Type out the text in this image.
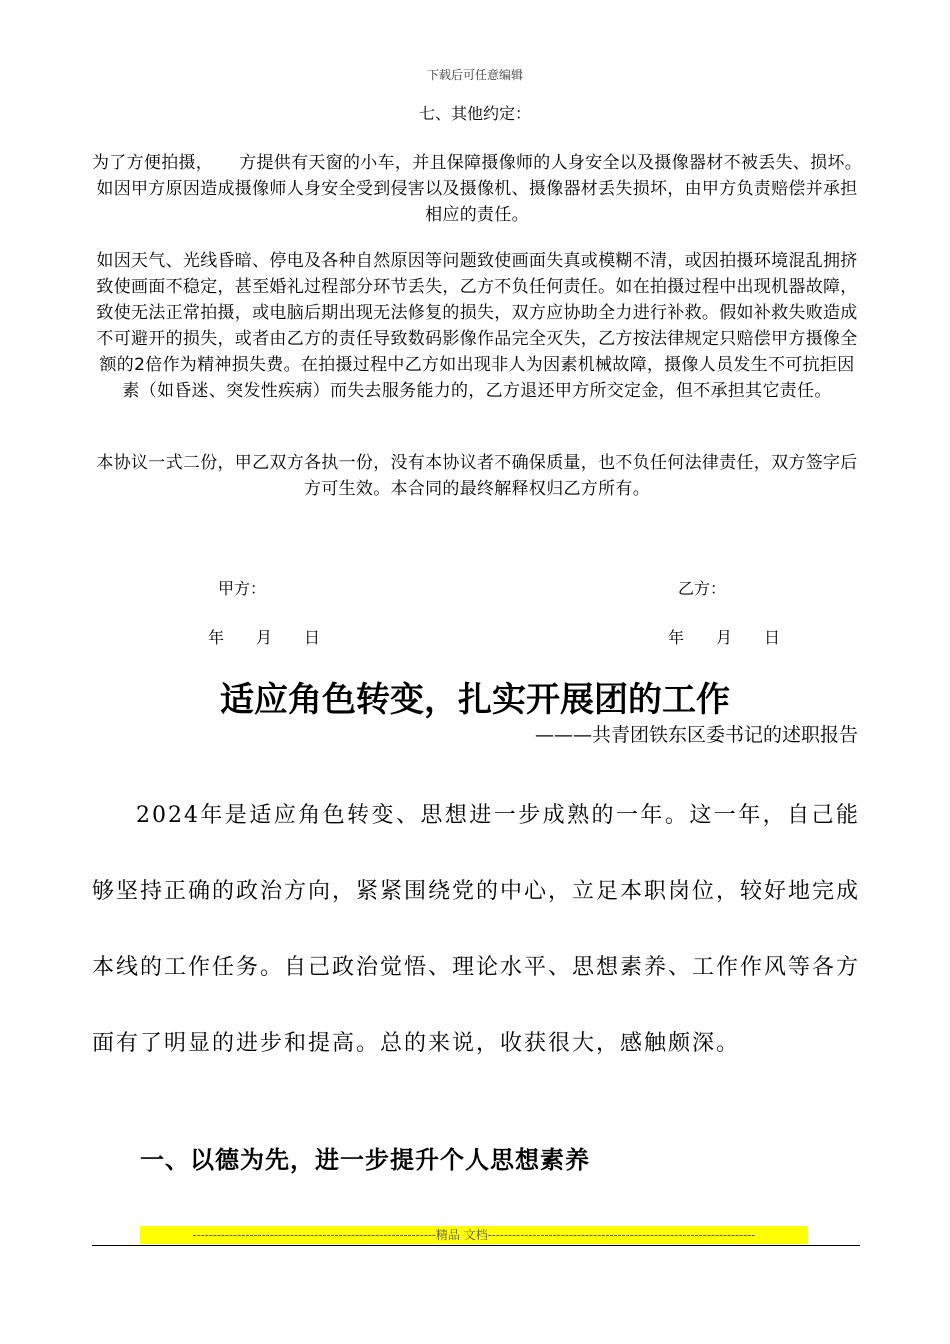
下载后可任意编辑
七、其他约定：
为了方便拍摄，　　方提供有天窗的小车，并且保障摄像师的人身安全以及摄像器材不被丢失、损坏。如因甲方原因造成摄像师人身安全受到侵害以及摄像机、摄像器材丢失损坏，由甲方负责赔偿并承担相应的责任。
如因天气、光线昏暗、停电及各种自然原因等问题致使画面失真或模糊不清，或因拍摄环境混乱拥挤致使画面不稳定，甚至婚礼过程部分环节丢失，乙方不负任何责任。如在拍摄过程中出现机器故障，致使无法正常拍摄，或电脑后期出现无法修复的损失，双方应协助全力进行补救。假如补救失败造成不可避开的损失，或者由乙方的责任导致数码影像作品完全灭失，乙方按法律规定只赔偿甲方摄像全额的2倍作为精神损失费。在拍摄过程中乙方如出现非人为因素机械故障，摄像人员发生不可抗拒因素（如昏迷、突发性疾病）而失去服务能力的，乙方退还甲方所交定金，但不承担其它责任。
本协议一式二份，甲乙双方各执一份，没有本协议者不确保质量，也不负任何法律责任，双方签字后方可生效。本合同的最终解释权归乙方所有。
甲方：	乙方：
年　　月　　日	年　　月　　日
适应角色转变，扎实开展团的工作
———共青团铁东区委书记的述职报告
2024年是适应角色转变、思想进一步成熟的一年。这一年，自己能够坚持正确的政治方向，紧紧围绕党的中心，立足本职岗位，较好地完成本线的工作任务。自己政治觉悟、理论水平、思想素养、工作作风等各方面有了明显的进步和提高。总的来说，收获很大，感触颇深。
一、以德为先，进一步提升个人思想素养
------------------------------------------------------------精品 文档------------------------------------------------------------------
